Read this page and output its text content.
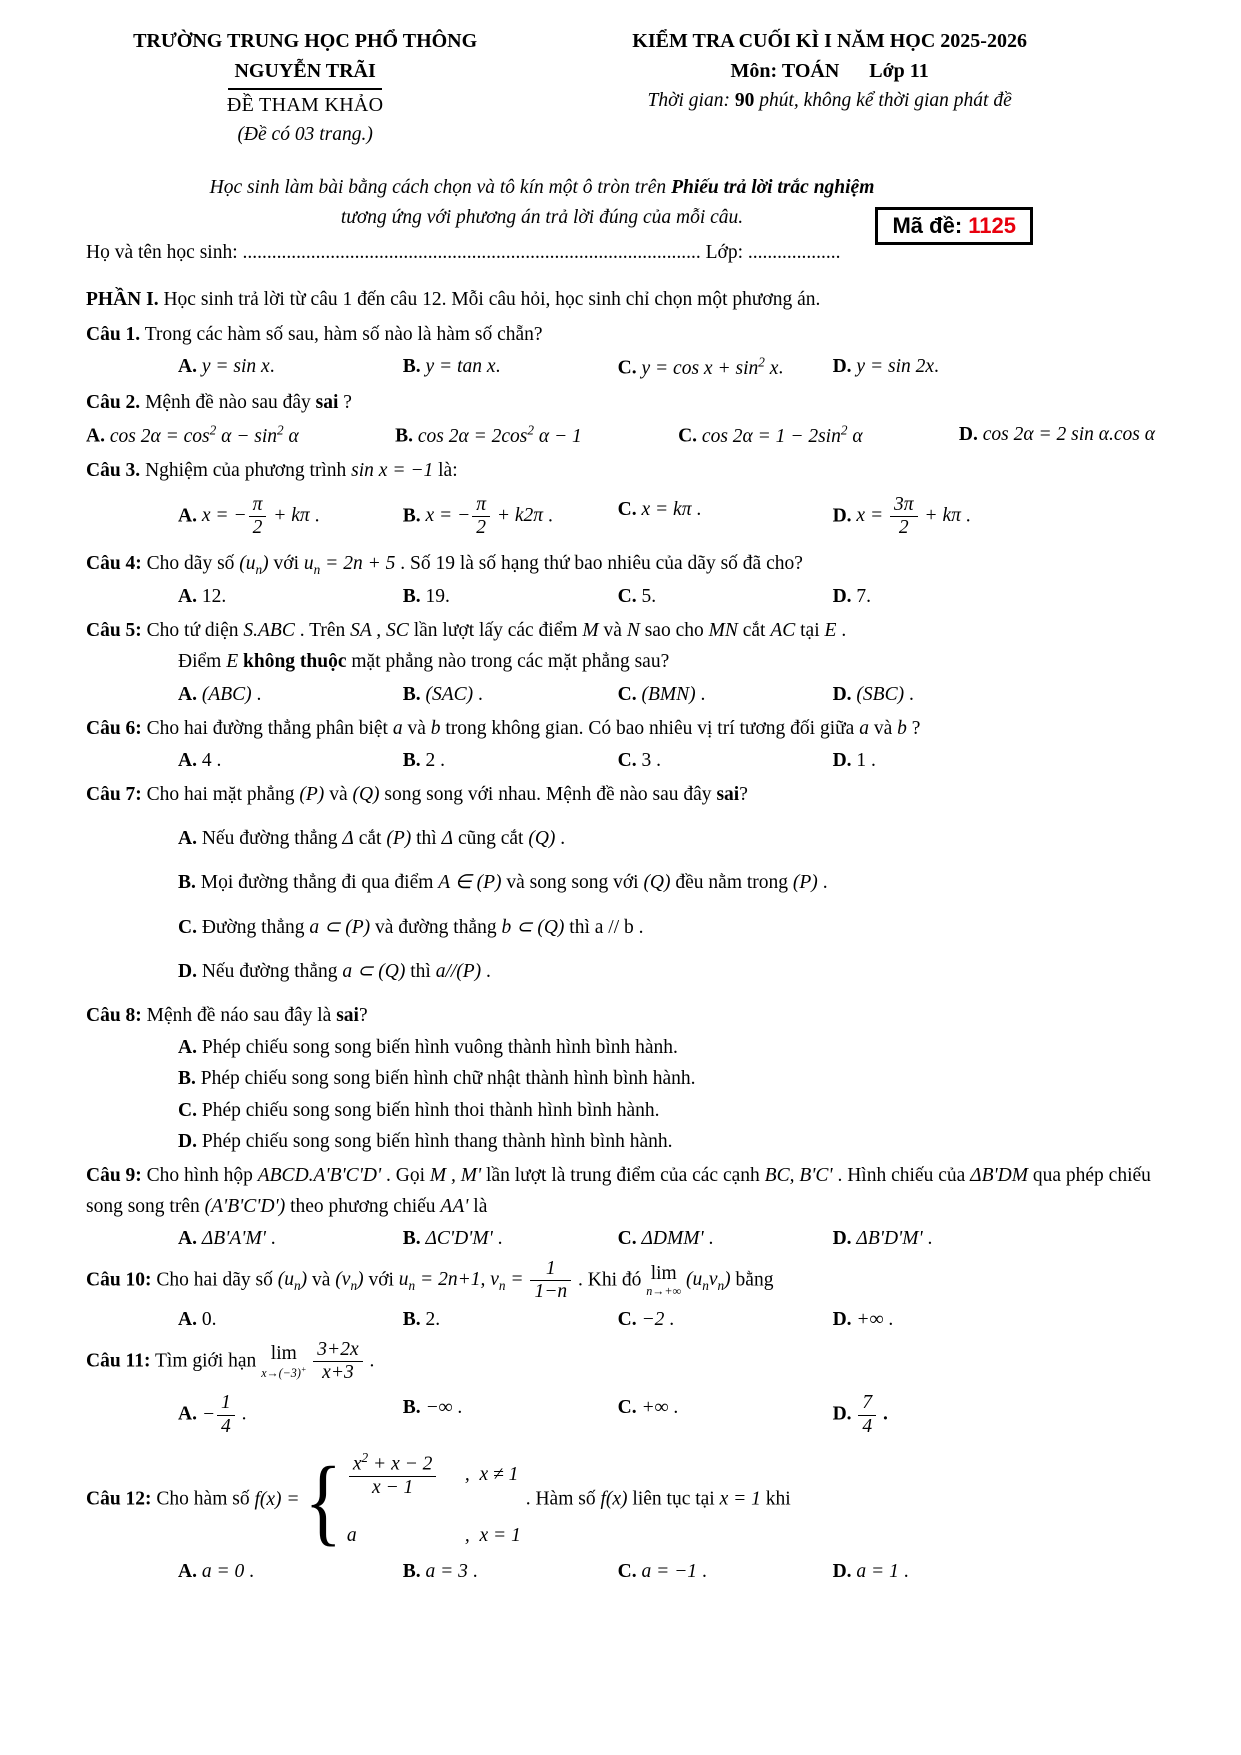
TRƯỜNG TRUNG HỌC PHỔ THÔNG
NGUYỄN TRÃI
ĐỀ THAM KHẢO
(Đề có 03 trang.)
KIỂM TRA CUỐI KÌ I NĂM HỌC 2025-2026
Môn: TOÁN      Lớp 11
Thời gian: 90 phút, không kể thời gian phát đề
Học sinh làm bài bằng cách chọn và tô kín một ô tròn trên Phiếu trả lời trắc nghiệm
tương ứng với phương án trả lời đúng của mỗi câu.
Họ và tên học sinh: .............................................................................................. Lớp: ...................
Mã đề: 1125
PHẦN I. Học sinh trả lời từ câu 1 đến câu 12. Mỗi câu hỏi, học sinh chỉ chọn một phương án.
Câu 1. Trong các hàm số sau, hàm số nào là hàm số chẵn?
A. y = sin x.	B. y = tan x.	C. $y = \cos x + \sin^2 x$.	D. y = sin 2x.
Câu 2. Mệnh đề nào sau đây sai ?
A. $\cos 2\alpha = \cos^2 \alpha - \sin^2 \alpha$	B. $\cos 2\alpha = 2\cos^2$ α − 1	C. $\cos 2\alpha = 1 - 2\sin^2$ α	D. cos 2α = 2 sin α.cos α
Câu 3. Nghiệm của phương trình sin x = −1 là:
A. x = − $\frac{\pi}{2} + k\pi$ .	B. x = − $\frac{\pi}{2} + k2\pi$ .	C. x = kπ .	D. $x = \frac{3\pi}{2} + k\pi$ .
Câu 4: Cho dãy số $(u_n)$ với $u_n = 2n + 5$ . Số 19 là số hạng thứ bao nhiêu của dãy số đã cho?
A. 12.	B. 19.	C. 5.	D. 7.
Câu 5: Cho tứ diện S.ABC . Trên SA , SC lần lượt lấy các điểm M và N sao cho MN cắt AC tại E .
Điểm E không thuộc mặt phẳng nào trong các mặt phẳng sau?
A. (ABC) .	B. (SAC) .	C. (BMN) .	D. (SBC) .
Câu 6: Cho hai đường thẳng phân biệt a và b trong không gian. Có bao nhiêu vị trí tương đối giữa a và b ?
A. 4 .	B. 2 .	C. 3 .	D. 1 .
Câu 7: Cho hai mặt phẳng (P) và (Q) song song với nhau. Mệnh đề nào sau đây sai?
A. Nếu đường thẳng Δ cắt (P) thì Δ cũng cắt (Q) .
B. Mọi đường thẳng đi qua điểm A ∈ (P) và song song với (Q) đều nằm trong (P) .
C. Đường thẳng a ⊂ (P) và đường thẳng b ⊂ (Q) thì a // b .
D. Nếu đường thẳng a ⊂ (Q) thì a//(P) .
Câu 8: Mệnh đề náo sau đây là sai?
A. Phép chiếu song song biến hình vuông thành hình bình hành.
B. Phép chiếu song song biến hình chữ nhật thành hình bình hành.
C. Phép chiếu song song biến hình thoi thành hình bình hành.
D. Phép chiếu song song biến hình thang thành hình bình hành.
Câu 9: Cho hình hộp ABCD.A'B'C'D' . Gọi M , M' lần lượt là trung điểm của các cạnh BC, B'C' . Hình chiếu của ΔB'DM qua phép chiếu song song trên (A'B'C'D') theo phương chiếu AA' là
A. ΔB'A'M' .	B. ΔC'D'M' .	C. ΔDMM' .	D. ΔB'D'M' .
Câu 10: Cho hai dãy số $(u_n)$ và $(v_n)$ với $u_n = 2n+1$, $v_n = \frac{1}{1-n}$ . Khi đó lim
n→+∞
$(u_nv_n)$ bằng
A. 0.	B. 2.	C. −2 .	D. +∞ .
Câu 11: Tìm giới hạn lim
x→(−3)+
$\frac{3+2x}{x+3}$ .
A. − $\frac{1}{4}$ .	B. −∞ .	C. +∞ .	D. $\frac{7}{4}$ .
Câu 12: Cho hàm số f(x) = { $\frac{x^2 + x - 2}{x - 1}$ ,  x ≠ 1
a	,  x = 1
. Hàm số f(x) liên tục tại x = 1 khi
A. a = 0 .	B. a = 3 .	C. a = −1 .	D. a = 1 .
